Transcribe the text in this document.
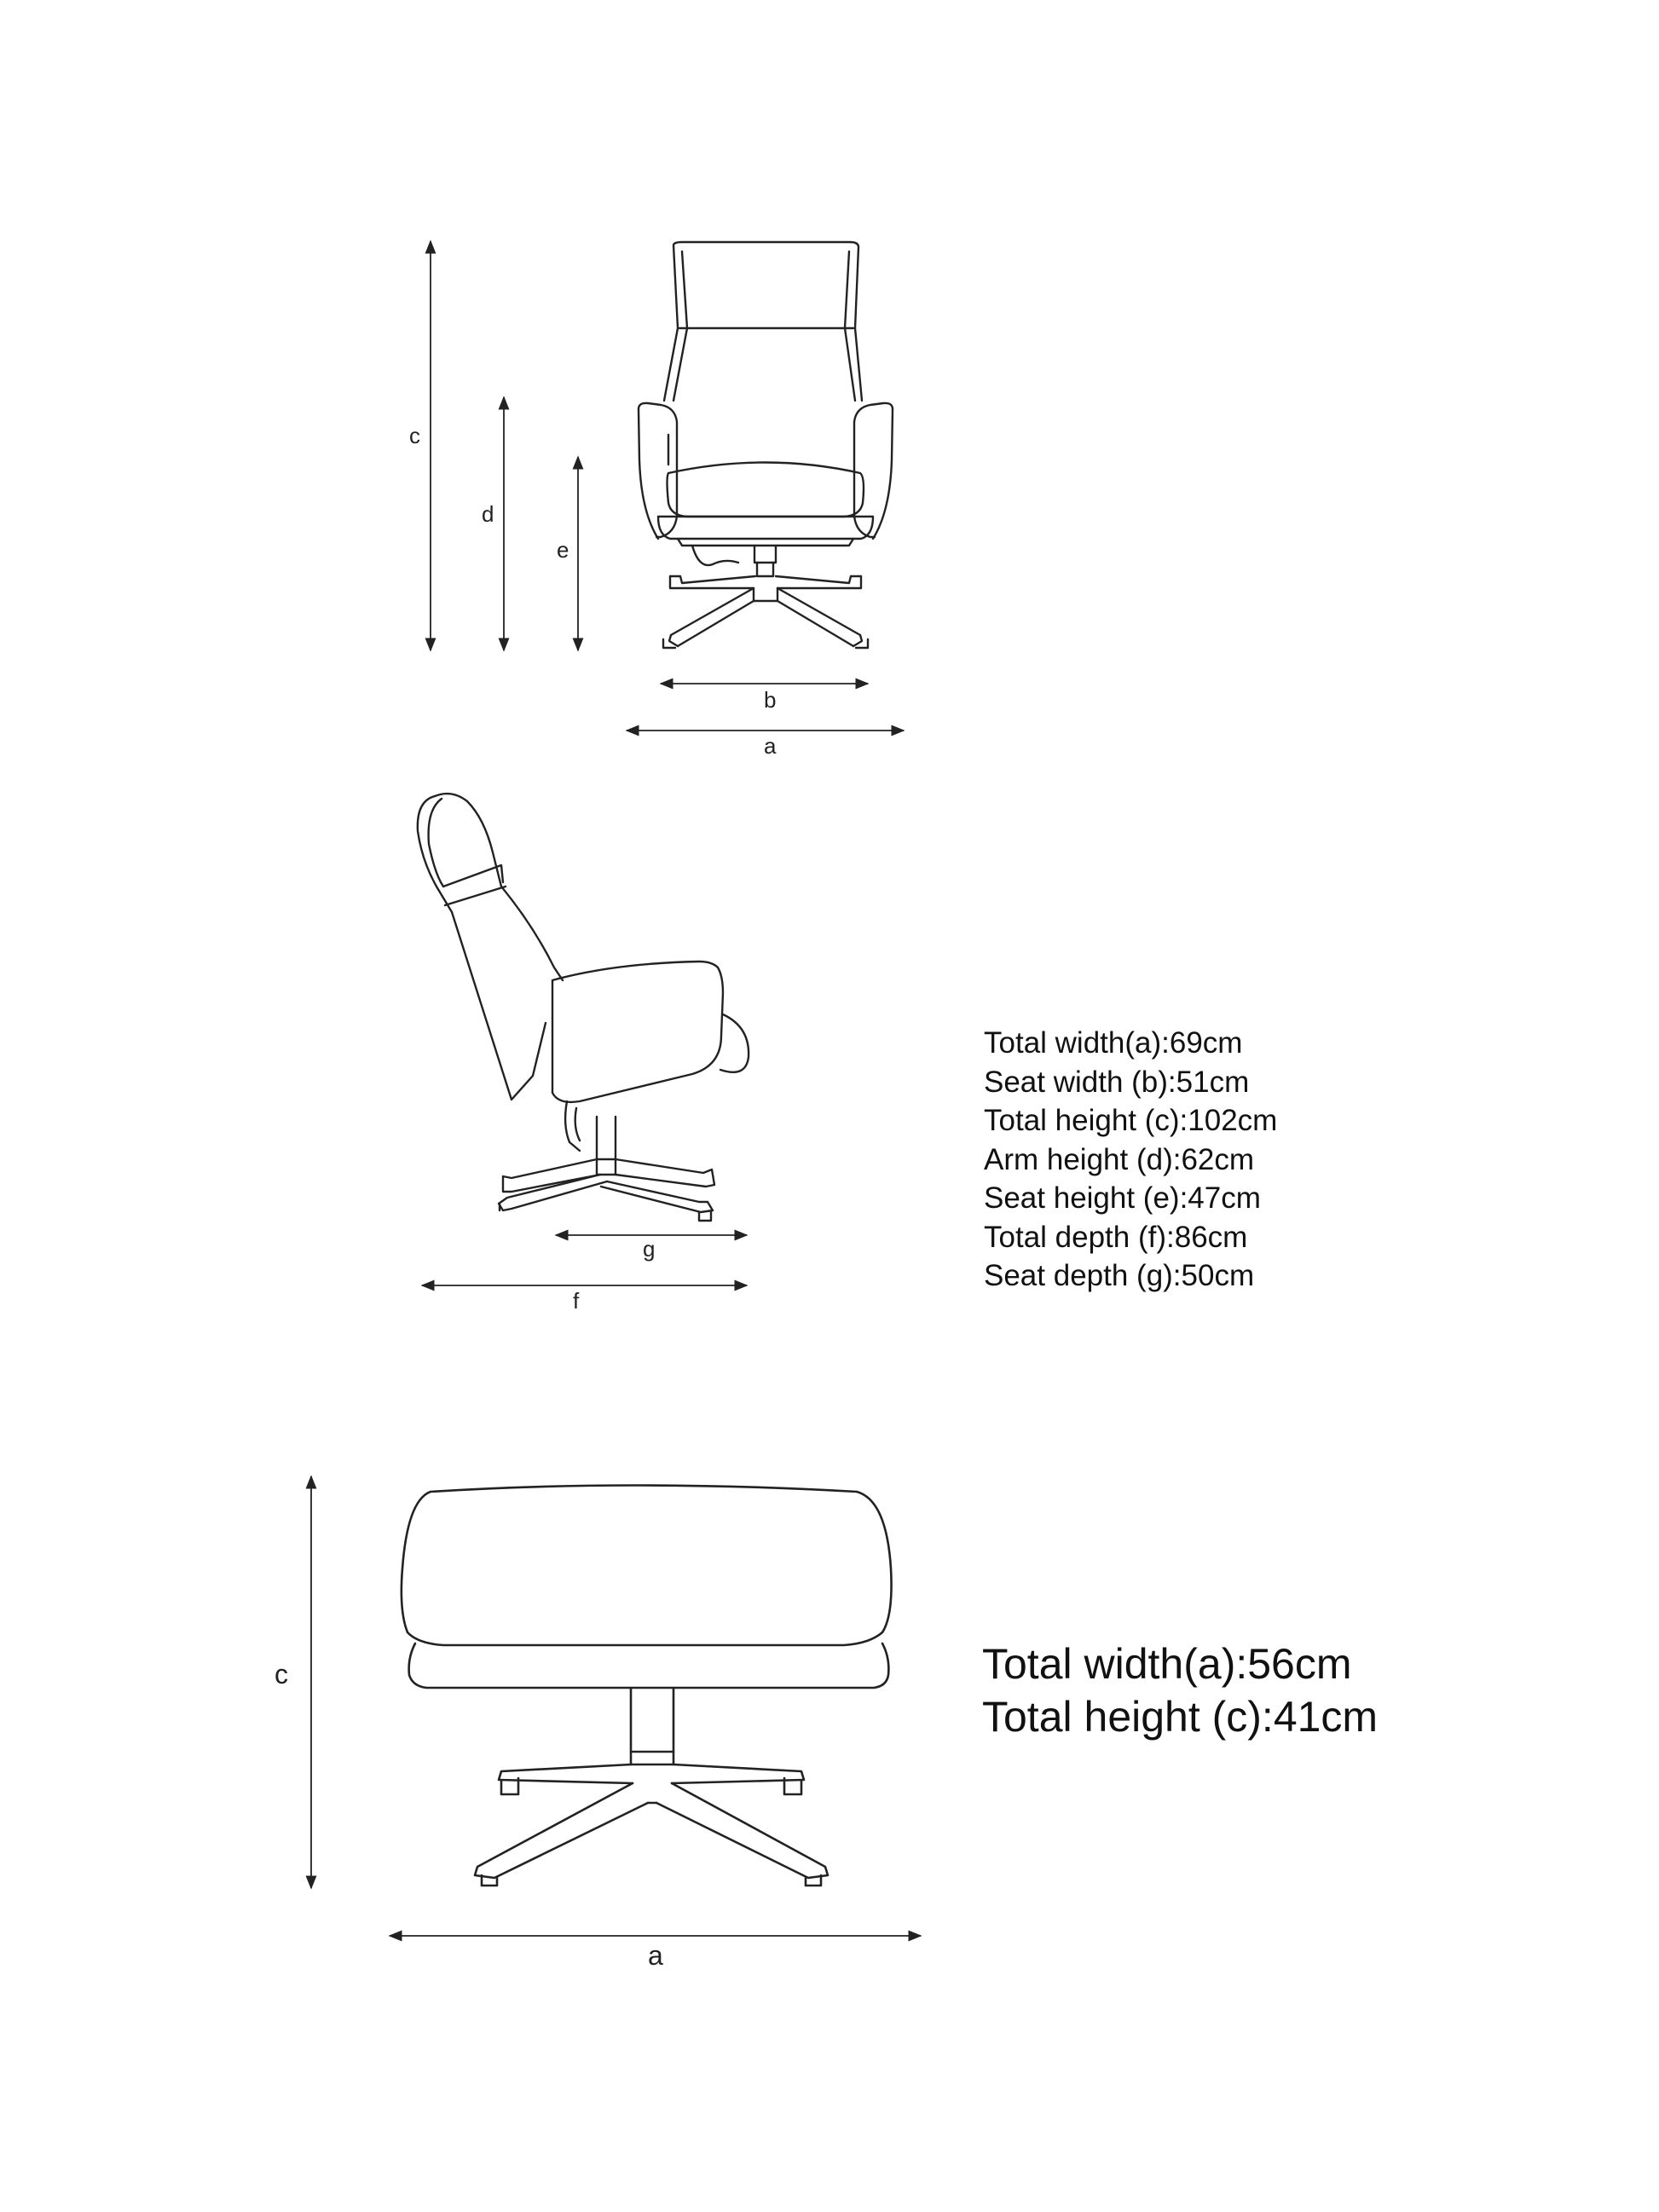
c
d
e
b
a
g
f
c
a
Total width(a):69cm
Seat width (b):51cm
Total height (c):102cm
Arm height (d):62cm
Seat height (e):47cm
Total depth (f):86cm
Seat depth (g):50cm
Total width(a):56cm
Total height (c):41cm
